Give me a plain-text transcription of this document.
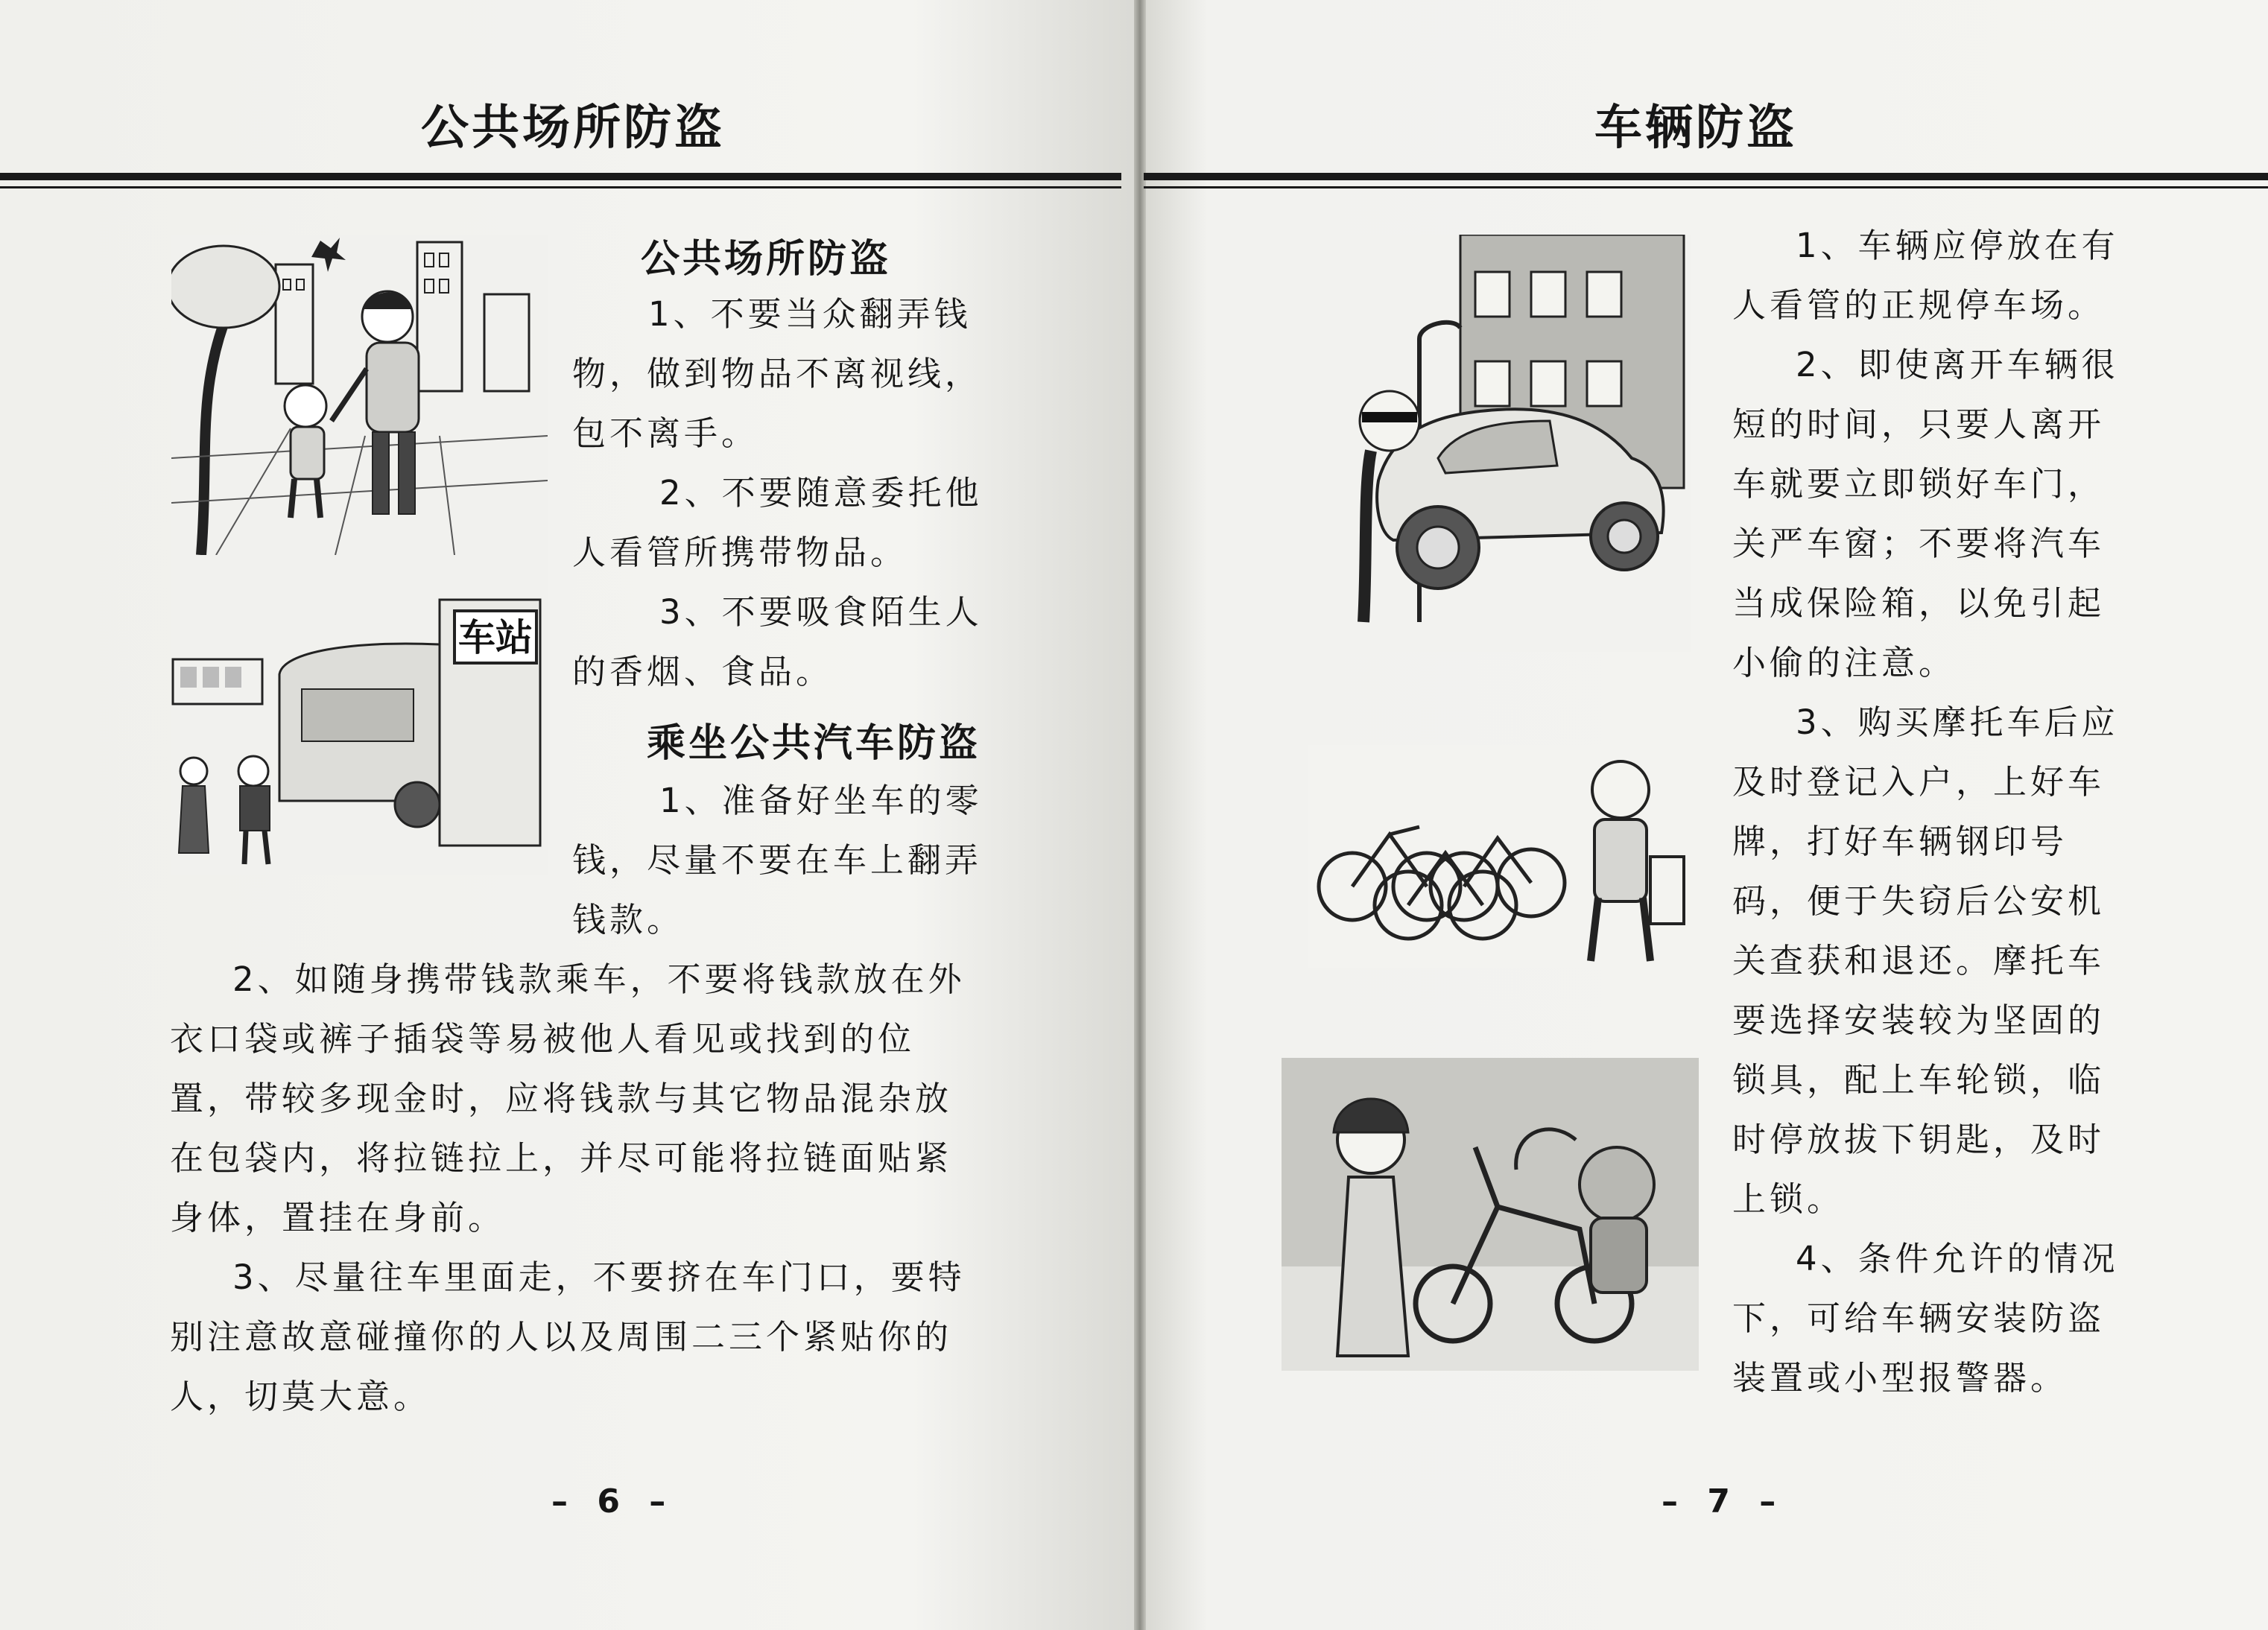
公共场所防盗	车辆防盗
车站
公共场所防盗
1、不要当众翻弄钱
物，做到物品不离视线，
包不离手。
2、不要随意委托他
人看管所携带物品。
3、不要吸食陌生人
的香烟、食品。
乘坐公共汽车防盗
1、准备好坐车的零
钱，尽量不要在车上翻弄
钱款。
2、如随身携带钱款乘车，不要将钱款放在外
衣口袋或裤子插袋等易被他人看见或找到的位
置，带较多现金时，应将钱款与其它物品混杂放
在包袋内，将拉链拉上，并尽可能将拉链面贴紧
身体，置挂在身前。
3、尽量往车里面走，不要挤在车门口，要特
别注意故意碰撞你的人以及周围二三个紧贴你的
人，切莫大意。
– 6 –
1、车辆应停放在有
人看管的正规停车场。
2、即使离开车辆很
短的时间，只要人离开
车就要立即锁好车门，
关严车窗；不要将汽车
当成保险箱，以免引起
小偷的注意。
3、购买摩托车后应
及时登记入户，上好车
牌，打好车辆钢印号
码，便于失窃后公安机
关查获和退还。摩托车
要选择安装较为坚固的
锁具，配上车轮锁，临
时停放拔下钥匙，及时
上锁。
4、条件允许的情况
下，可给车辆安装防盗
装置或小型报警器。
– 7 –
